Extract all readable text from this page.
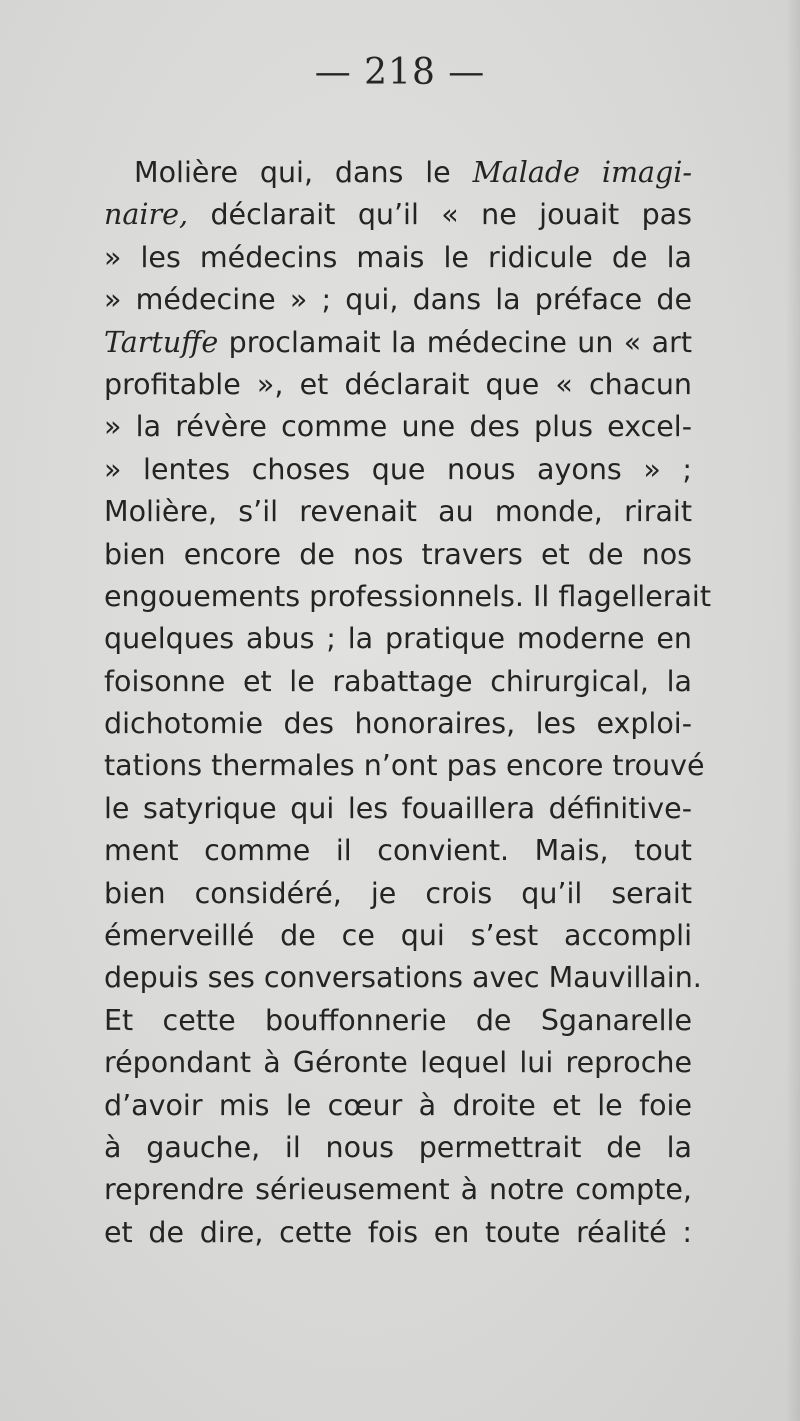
— 218 —
Molière qui, dans le Malade imagi-
naire, déclarait qu’il « ne jouait pas
» les médecins mais le ridicule de la
» médecine » ; qui, dans la préface de
Tartuffe proclamait la médecine un « art
profitable », et déclarait que « chacun
» la révère comme une des plus excel-
» lentes choses que nous ayons » ;
Molière, s’il revenait au monde, rirait
bien encore de nos travers et de nos
engouements professionnels. Il flagellerait
quelques abus ; la pratique moderne en
foisonne et le rabattage chirurgical, la
dichotomie des honoraires, les exploi-
tations thermales n’ont pas encore trouvé
le satyrique qui les fouaillera définitive-
ment comme il convient. Mais, tout
bien considéré, je crois qu’il serait
émerveillé de ce qui s’est accompli
depuis ses conversations avec Mauvillain.
Et cette bouffonnerie de Sganarelle
répondant à Géronte lequel lui reproche
d’avoir mis le cœur à droite et le foie
à gauche, il nous permettrait de la
reprendre sérieusement à notre compte,
et de dire, cette fois en toute réalité :
